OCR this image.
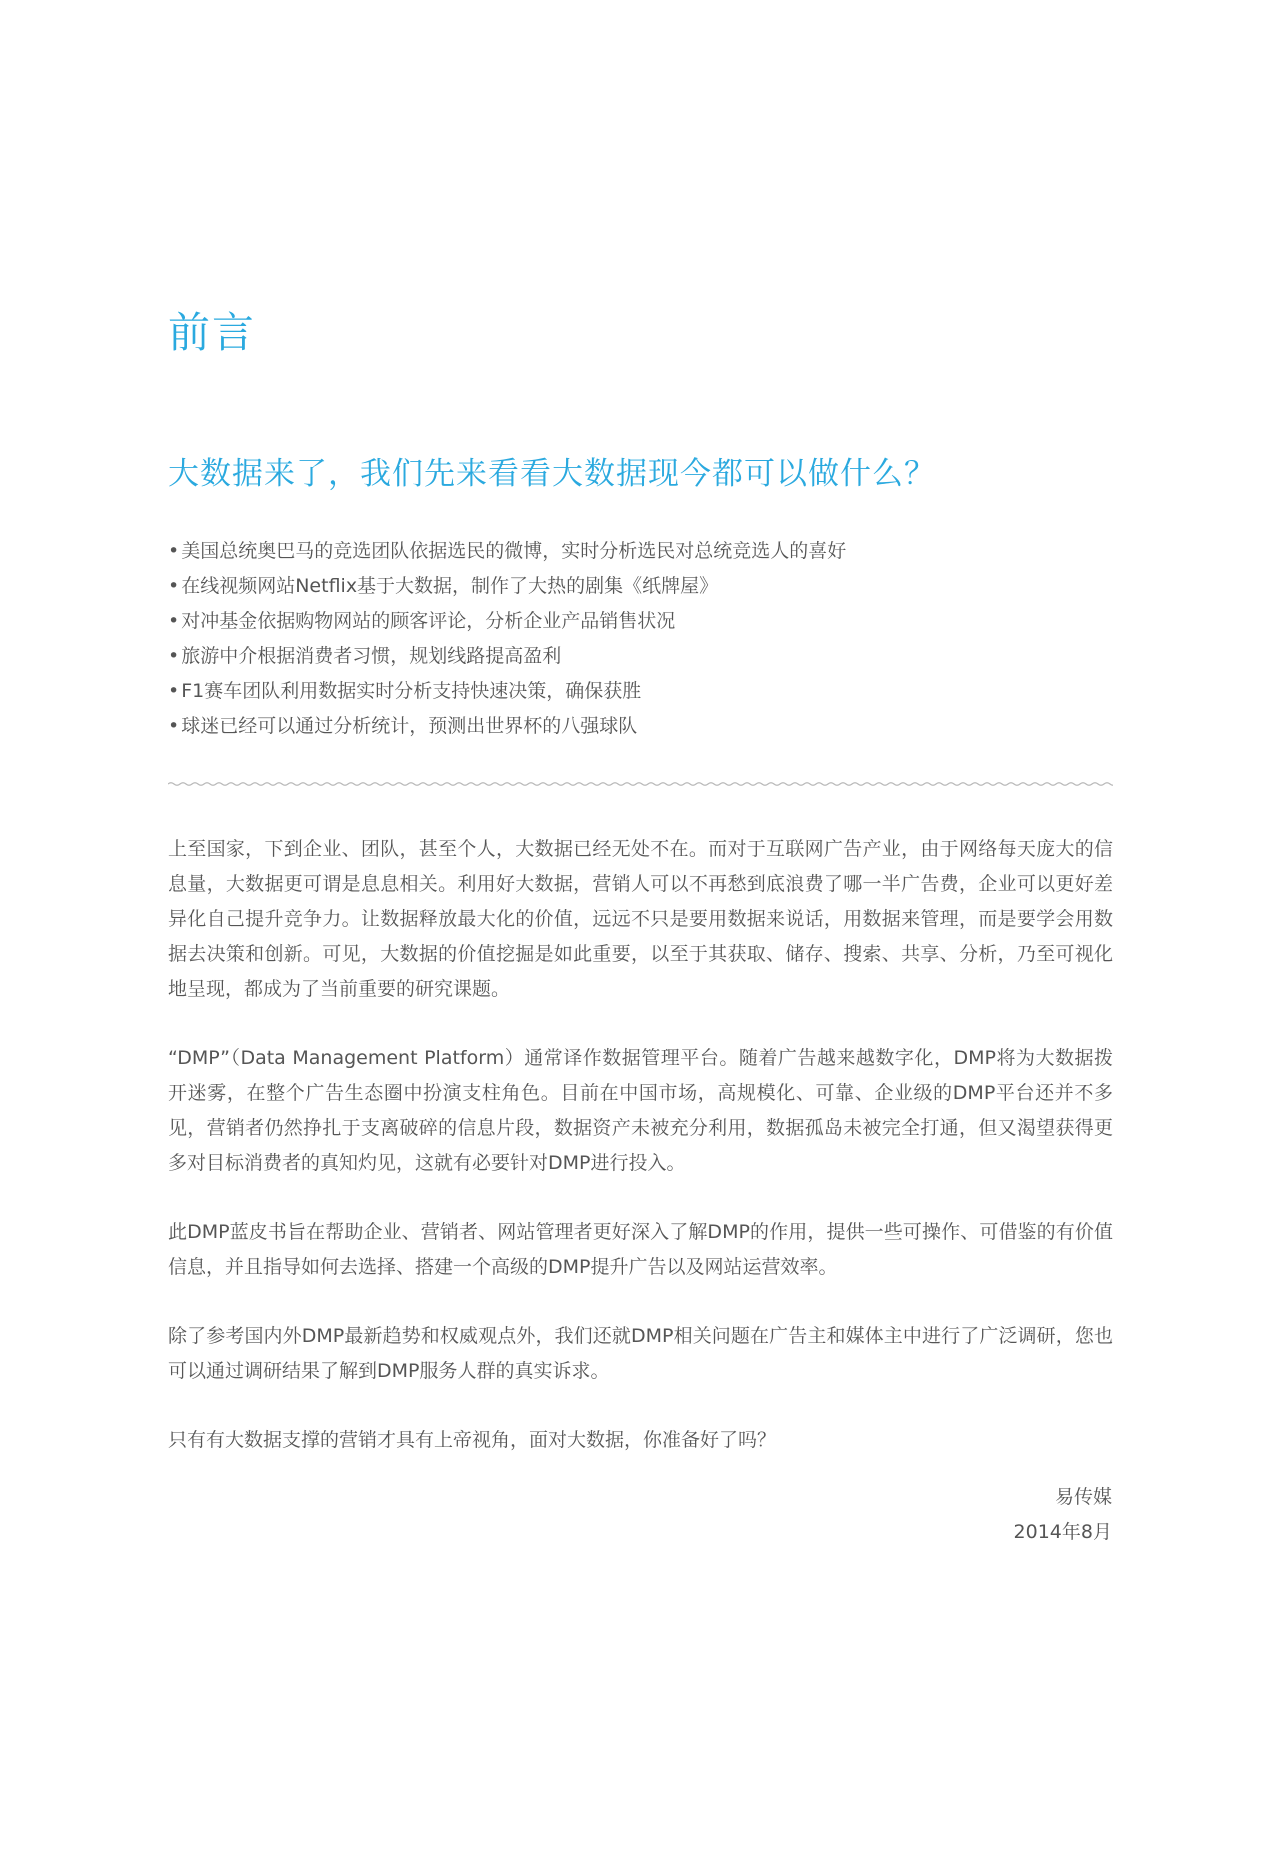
前言
大数据来了，我们先来看看大数据现今都可以做什么？
• 美国总统奥巴马的竞选团队依据选民的微博，实时分析选民对总统竞选人的喜好
• 在线视频网站Netflix基于大数据，制作了大热的剧集《纸牌屋》
• 对冲基金依据购物网站的顾客评论，分析企业产品销售状况
• 旅游中介根据消费者习惯，规划线路提高盈利
• F1赛车团队利用数据实时分析支持快速决策，确保获胜
• 球迷已经可以通过分析统计，预测出世界杯的八强球队

上至国家，下到企业、团队，甚至个人，大数据已经无处不在。而对于互联网广告产业，由于网络每天庞大的信息量，大数据更可谓是息息相关。利用好大数据，营销人可以不再愁到底浪费了哪一半广告费，企业可以更好差异化自己提升竞争力。让数据释放最大化的价值，远远不只是要用数据来说话，用数据来管理，而是要学会用数据去决策和创新。可见，大数据的价值挖掘是如此重要，以至于其获取、储存、搜索、共享、分析，乃至可视化地呈现，都成为了当前重要的研究课题。

“DMP”（Data Management Platform）通常译作数据管理平台。随着广告越来越数字化，DMP将为大数据拨开迷雾，在整个广告生态圈中扮演支柱角色。目前在中国市场，高规模化、可靠、企业级的DMP平台还并不多见，营销者仍然挣扎于支离破碎的信息片段，数据资产未被充分利用，数据孤岛未被完全打通，但又渴望获得更多对目标消费者的真知灼见，这就有必要针对DMP进行投入。

此DMP蓝皮书旨在帮助企业、营销者、网站管理者更好深入了解DMP的作用，提供一些可操作、可借鉴的有价值信息，并且指导如何去选择、搭建一个高级的DMP提升广告以及网站运营效率。

除了参考国内外DMP最新趋势和权威观点外，我们还就DMP相关问题在广告主和媒体主中进行了广泛调研，您也可以通过调研结果了解到DMP服务人群的真实诉求。

只有有大数据支撑的营销才具有上帝视角，面对大数据，你准备好了吗？

易传媒
2014年8月
